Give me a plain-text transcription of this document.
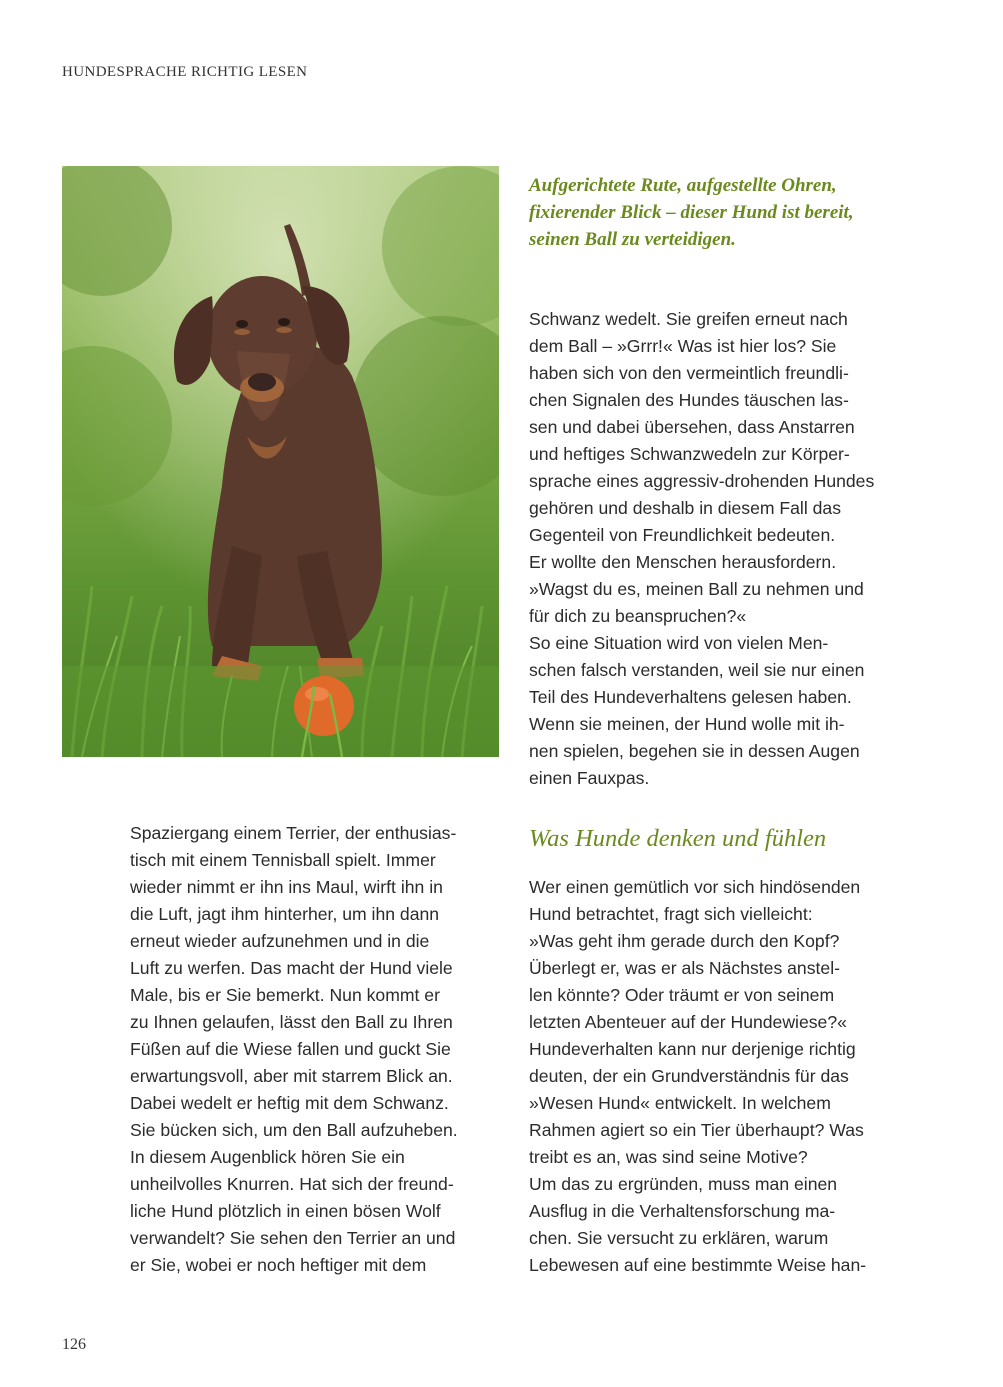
HUNDESPRACHE RICHTIG LESEN
Aufgerichtete Rute, aufgestellte Ohren,
fixierender Blick – dieser Hund ist bereit,
seinen Ball zu verteidigen.
Schwanz wedelt. Sie greifen erneut nach
dem Ball – »Grrr!« Was ist hier los? Sie
haben sich von den vermeintlich freundli-
chen Signalen des Hundes täuschen las-
sen und dabei übersehen, dass Anstarren
und heftiges Schwanzwedeln zur Körper-
sprache eines aggressiv-drohenden Hundes
gehören und deshalb in diesem Fall das
Gegenteil von Freundlichkeit bedeuten.
Er wollte den Menschen herausfordern.
»Wagst du es, meinen Ball zu nehmen und
für dich zu beanspruchen?«
So eine Situation wird von vielen Men-
schen falsch verstanden, weil sie nur einen
Teil des Hundeverhaltens gelesen haben.
Wenn sie meinen, der Hund wolle mit ih-
nen spielen, begehen sie in dessen Augen
einen Fauxpas.
Was Hunde denken und fühlen
Spaziergang einem Terrier, der enthusias-
tisch mit einem Tennisball spielt. Immer
wieder nimmt er ihn ins Maul, wirft ihn in
die Luft, jagt ihm hinterher, um ihn dann
erneut wieder aufzunehmen und in die
Luft zu werfen. Das macht der Hund viele
Male, bis er Sie bemerkt. Nun kommt er
zu Ihnen gelaufen, lässt den Ball zu Ihren
Füßen auf die Wiese fallen und guckt Sie
erwartungsvoll, aber mit starrem Blick an.
Dabei wedelt er heftig mit dem Schwanz.
Sie bücken sich, um den Ball aufzuheben.
In diesem Augenblick hören Sie ein
unheilvolles Knurren. Hat sich der freund-
liche Hund plötzlich in einen bösen Wolf
verwandelt? Sie sehen den Terrier an und
er Sie, wobei er noch heftiger mit dem
Wer einen gemütlich vor sich hindösenden
Hund betrachtet, fragt sich vielleicht:
»Was geht ihm gerade durch den Kopf?
Überlegt er, was er als Nächstes anstel-
len könnte? Oder träumt er von seinem
letzten Abenteuer auf der Hundewiese?«
Hundeverhalten kann nur derjenige richtig
deuten, der ein Grundverständnis für das
»Wesen Hund« entwickelt. In welchem
Rahmen agiert so ein Tier überhaupt? Was
treibt es an, was sind seine Motive?
Um das zu ergründen, muss man einen
Ausflug in die Verhaltensforschung ma-
chen. Sie versucht zu erklären, warum
Lebewesen auf eine bestimmte Weise han-
126
